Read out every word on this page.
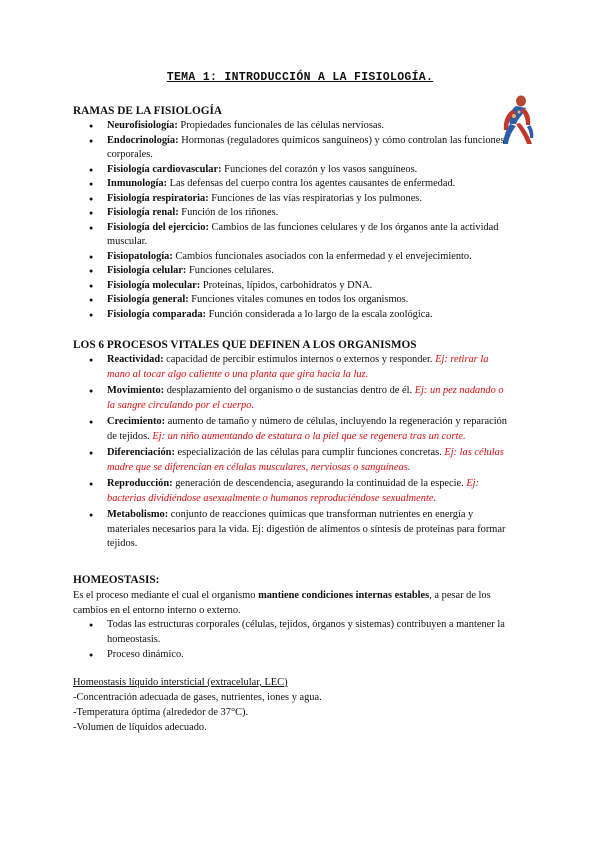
TEMA 1: INTRODUCCIÓN A LA FISIOLOGÍA.
RAMAS DE LA FISIOLOGÍA
● Neurofisiología: Propiedades funcionales de las células nerviosas.
● Endocrinología: Hormonas (reguladores químicos sanguíneos) y cómo controlan las funciones corporales.
● Fisiología cardiovascular: Funciones del corazón y los vasos sanguíneos.
● Inmunología: Las defensas del cuerpo contra los agentes causantes de enfermedad.
● Fisiología respiratoria: Funciones de las vías respiratorias y los pulmones.
● Fisiología renal: Función de los riñones.
● Fisiología del ejercicio: Cambios de las funciones celulares y de los órganos ante la actividad muscular.
● Fisiopatología: Cambios funcionales asociados con la enfermedad y el envejecimiento.
● Fisiología celular: Funciones celulares.
● Fisiología molecular: Proteínas, lípidos, carbohidratos y DNA.
● Fisiología general: Funciones vitales comunes en todos los organismos.
● Fisiología comparada: Función considerada a lo largo de la escala zoológica.
LOS 6 PROCESOS VITALES QUE DEFINEN A LOS ORGANISMOS
● Reactividad: capacidad de percibir estímulos internos o externos y responder. Ej: retirar la mano al tocar algo caliente o una planta que gira hacia la luz.
● Movimiento: desplazamiento del organismo o de sustancias dentro de él. Ej: un pez nadando o la sangre circulando por el cuerpo.
● Crecimiento: aumento de tamaño y número de células, incluyendo la regeneración y reparación de tejidos. Ej: un niño aumentando de estatura o la piel que se regenera tras un corte.
● Diferenciación: especialización de las células para cumplir funciones concretas. Ej: las células madre que se diferencian en células musculares, nerviosas o sanguíneas.
● Reproducción: generación de descendencia, asegurando la continuidad de la especie. Ej: bacterias dividiéndose asexualmente o humanos reproduciéndose sexualmente.
● Metabolismo: conjunto de reacciones químicas que transforman nutrientes en energía y materiales necesarios para la vida. Ej: digestión de alimentos o síntesis de proteínas para formar tejidos.
HOMEOSTASIS:
Es el proceso mediante el cual el organismo mantiene condiciones internas estables, a pesar de los cambios en el entorno interno o externo.
● Todas las estructuras corporales (células, tejidos, órganos y sistemas) contribuyen a mantener la homeostasis.
● Proceso dinámico.
Homeostasis líquido intersticial (extracelular, LEC)
-Concentración adecuada de gases, nutrientes, iones y agua.
-Temperatura óptima (alrededor de 37°C).
-Volumen de líquidos adecuado.
